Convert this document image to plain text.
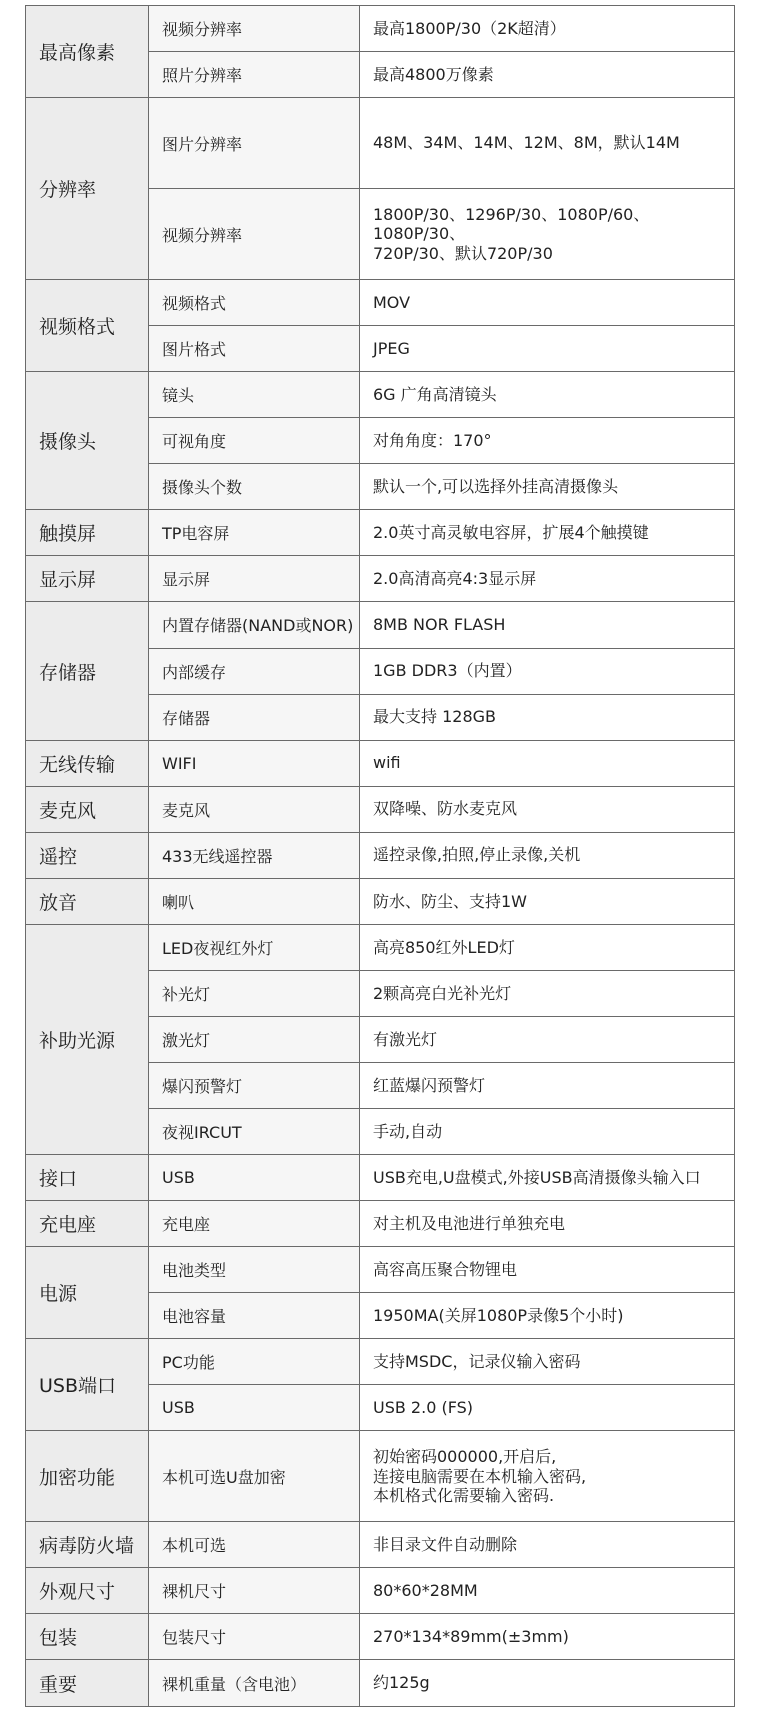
最高像素	视频分辨率	最高1800P/30（2K超清）
	照片分辨率	最高4800万像素
分辨率	图片分辨率	48M、34M、14M、12M、8M，默认14M
	视频分辨率	1800P/30、1296P/30、1080P/60、1080P/30、
720P/30、默认720P/30

视频格式	视频格式	MOV
	图片格式	JPEG
摄像头	镜头	6G 广角高清镜头
	可视角度	对角角度：170°
	摄像头个数	默认一个,可以选择外挂高清摄像头
触摸屏	TP电容屏	2.0英寸高灵敏电容屏，扩展4个触摸键
显示屏	显示屏	2.0高清高亮4:3显示屏
存储器	内置存储器(NAND或NOR)	8MB NOR FLASH
	内部缓存	1GB DDR3（内置）
	存储器	最大支持 128GB
无线传输	WIFI	wifi
麦克风	麦克风	双降噪、防水麦克风
遥控	433无线遥控器	遥控录像,拍照,停止录像,关机
放音	喇叭	防水、防尘、支持1W
补助光源	LED夜视红外灯	高亮850红外LED灯
	补光灯	2颗高亮白光补光灯
	激光灯	有激光灯
	爆闪预警灯	红蓝爆闪预警灯
	夜视IRCUT	手动,自动
接口	USB	USB充电,U盘模式,外接USB高清摄像头输入口
充电座	充电座	对主机及电池进行单独充电
电源	电池类型	高容高压聚合物锂电
	电池容量	1950MA(关屏1080P录像5个小时)
USB端口	PC功能	支持MSDC，记录仪输入密码
	USB	USB 2.0 (FS)
加密功能	本机可选U盘加密	初始密码000000,开启后,
连接电脑需要在本机输入密码,
本机格式化需要输入密码.

病毒防火墙	本机可选	非目录文件自动删除
外观尺寸	裸机尺寸	80*60*28MM
包装	包装尺寸	270*134*89mm(±3mm)
重要	裸机重量（含电池）	约125g
